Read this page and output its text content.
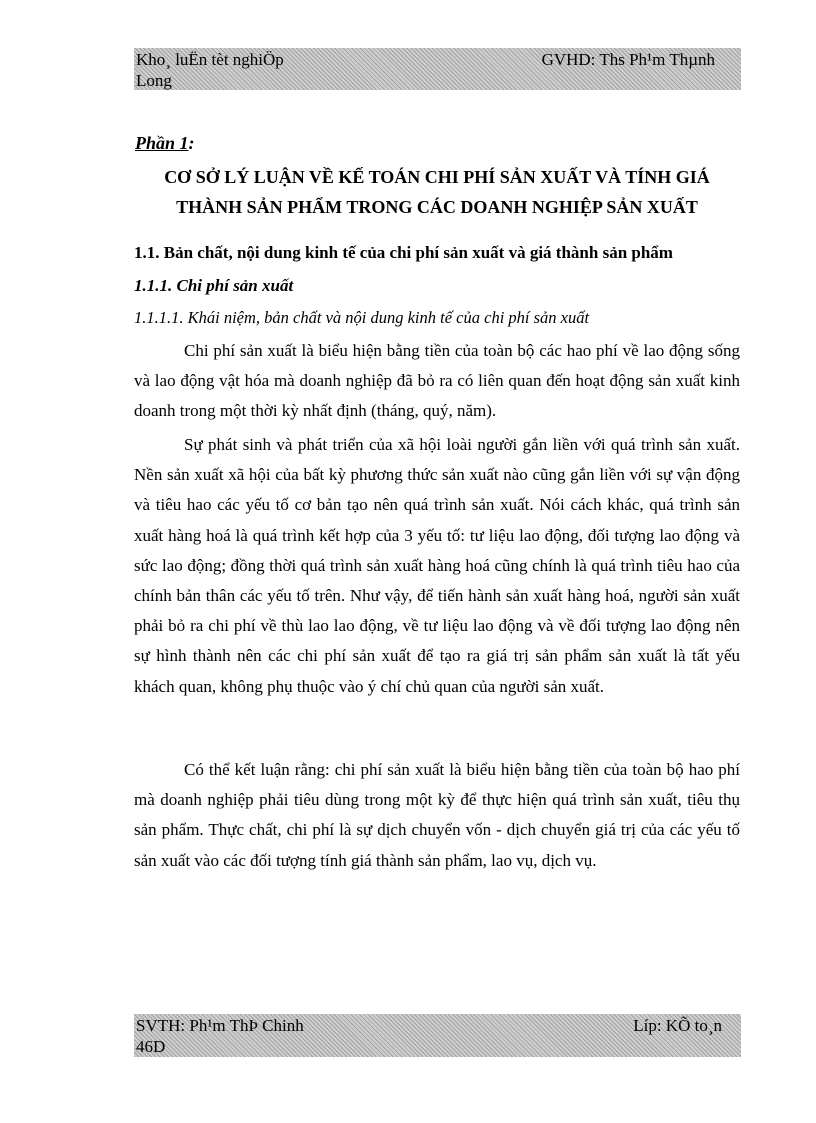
Kho¸ luËn tèt nghiÖp
Long
GVHD: Ths Ph¹m Thµnh
Phần 1:
CƠ SỞ LÝ LUẬN VỀ KẾ TOÁN CHI PHÍ SẢN XUẤT VÀ TÍNH GIÁ THÀNH SẢN PHẨM TRONG CÁC DOANH NGHIỆP SẢN XUẤT
1.1. Bản chất, nội dung kinh tế của chi phí sản xuất và giá thành sản phẩm
1.1.1. Chi phí sản xuất
1.1.1.1. Khái niệm, bản chất và nội dung kinh tế của chi phí sản xuất

Chi phí sản xuất là biểu hiện bằng tiền của toàn bộ các hao phí về lao động sống và lao động vật hóa mà doanh nghiệp đã bỏ ra có liên quan đến hoạt động sản xuất kinh doanh trong một thời kỳ nhất định (tháng, quý, năm).

Sự phát sinh và phát triển của xã hội loài người gắn liền với quá trình sản xuất. Nền sản xuất xã hội của bất kỳ phương thức sản xuất nào cũng gắn liền với sự vận động và tiêu hao các yếu tố cơ bản tạo nên quá trình sản xuất. Nói cách khác, quá trình sản xuất hàng hoá là quá trình kết hợp của 3 yếu tố: tư liệu lao động, đối tượng lao động và sức lao động; đồng thời quá trình sản xuất hàng hoá cũng chính là quá trình tiêu hao của chính bản thân các yếu tố trên. Như vậy, để tiến hành sản xuất hàng hoá, người sản xuất phải bỏ ra chi phí về thù lao lao động, về tư liệu lao động và về đối tượng lao động nên sự hình thành nên các chi phí sản xuất để tạo ra giá trị sản phẩm sản xuất là tất yếu khách quan, không phụ thuộc vào ý chí chủ quan của người sản xuất.

Có thể kết luận rằng: chi phí sản xuất là biểu hiện bằng tiền của toàn bộ hao phí mà doanh nghiệp phải tiêu dùng trong một kỳ để thực hiện quá trình sản xuất, tiêu thụ sản phẩm. Thực chất, chi phí là sự dịch chuyển vốn - dịch chuyển giá trị của các yếu tố sản xuất vào các đối tượng tính giá thành sản phẩm, lao vụ, dịch vụ.

SVTH: Ph¹m ThÞ Chinh
46D
Líp: KÕ to¸n
